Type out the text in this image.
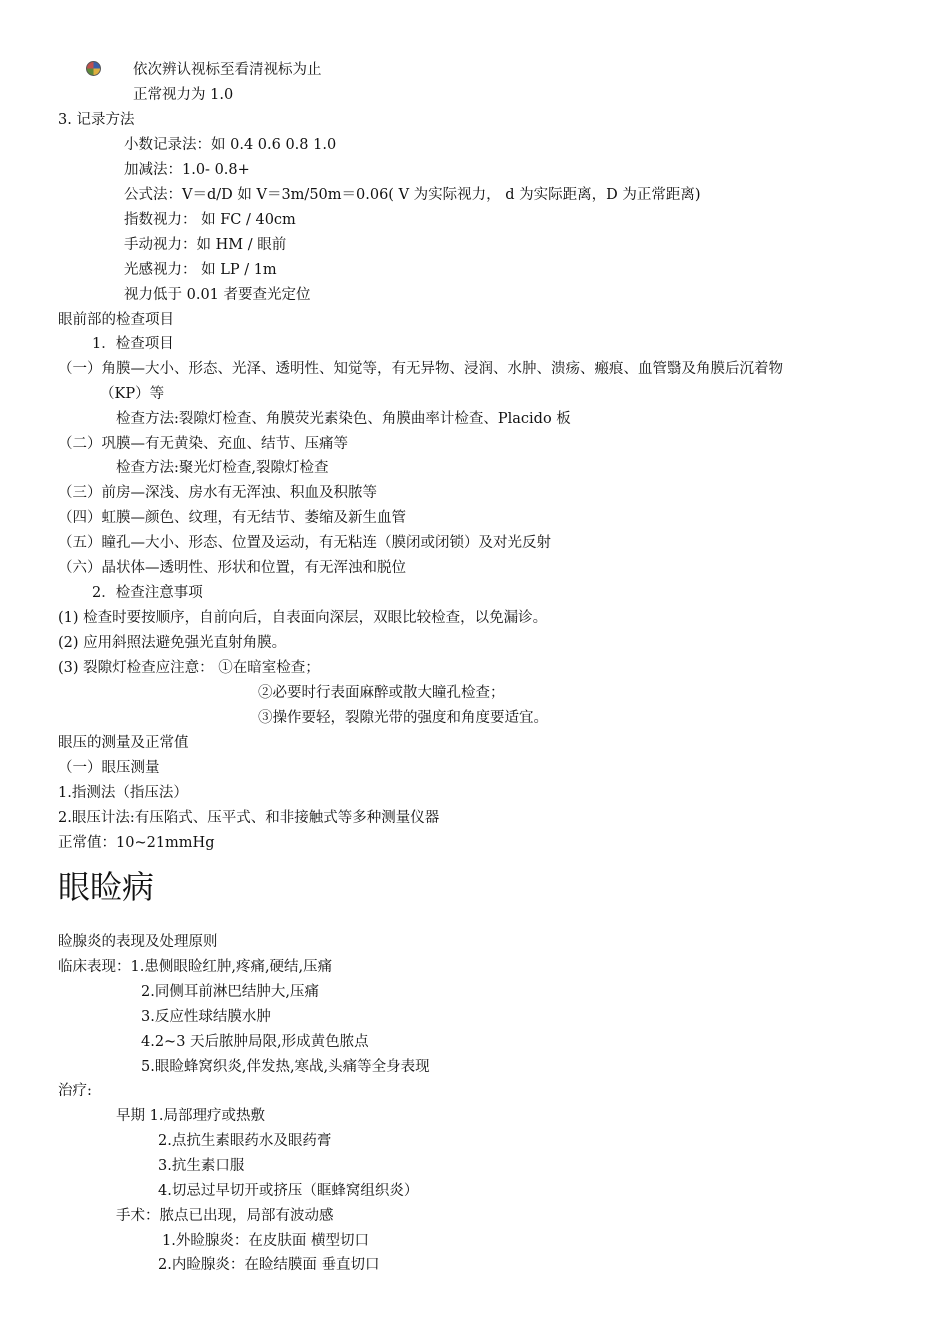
依次辨认视标至看清视标为止
正常视力为 1.0
3. 记录方法
小数记录法：如 0.4 0.6 0.8 1.0
加减法：1.0- 0.8+
公式法：V＝d/D 如 V＝3m/50m＝0.06( V 为实际视力， d 为实际距离，D 为正常距离)
指数视力： 如 FC / 40cm
手动视力：如 HM / 眼前
光感视力： 如 LP / 1m
视力低于 0.01 者要查光定位
眼前部的检查项目
1．检查项目
（一）角膜—大小、形态、光泽、透明性、知觉等，有无异物、浸润、水肿、溃疡、瘢痕、血管翳及角膜后沉着物
（KP）等
检查方法:裂隙灯检查、角膜荧光素染色、角膜曲率计检查、Placido 板
（二）巩膜—有无黄染、充血、结节、压痛等
检查方法:聚光灯检查,裂隙灯检查
（三）前房—深浅、房水有无浑浊、积血及积脓等
（四）虹膜—颜色、纹理，有无结节、萎缩及新生血管
（五）瞳孔—大小、形态、位置及运动，有无粘连（膜闭或闭锁）及对光反射
（六）晶状体—透明性、形状和位置，有无浑浊和脱位
2．检查注意事项
(1) 检查时要按顺序，自前向后，自表面向深层，双眼比较检查，以免漏诊。
(2) 应用斜照法避免强光直射角膜。
(3) 裂隙灯检查应注意： ①在暗室检查；
②必要时行表面麻醉或散大瞳孔检查；
③操作要轻，裂隙光带的强度和角度要适宜。
眼压的测量及正常值
（一）眼压测量
1.指测法（指压法）
2.眼压计法:有压陷式、压平式、和非接触式等多种测量仪器
正常值：10~21mmHg
眼睑病
睑腺炎的表现及处理原则
临床表现：1.患侧眼睑红肿,疼痛,硬结,压痛
2.同侧耳前淋巴结肿大,压痛
3.反应性球结膜水肿
4.2~3 天后脓肿局限,形成黄色脓点
5.眼睑蜂窝织炎,伴发热,寒战,头痛等全身表现
治疗:
早期 1.局部理疗或热敷
2.点抗生素眼药水及眼药膏
3.抗生素口服
4.切忌过早切开或挤压（眶蜂窝组织炎）
手术：脓点已出现，局部有波动感
1.外睑腺炎：在皮肤面 横型切口
2.内睑腺炎：在睑结膜面 垂直切口
